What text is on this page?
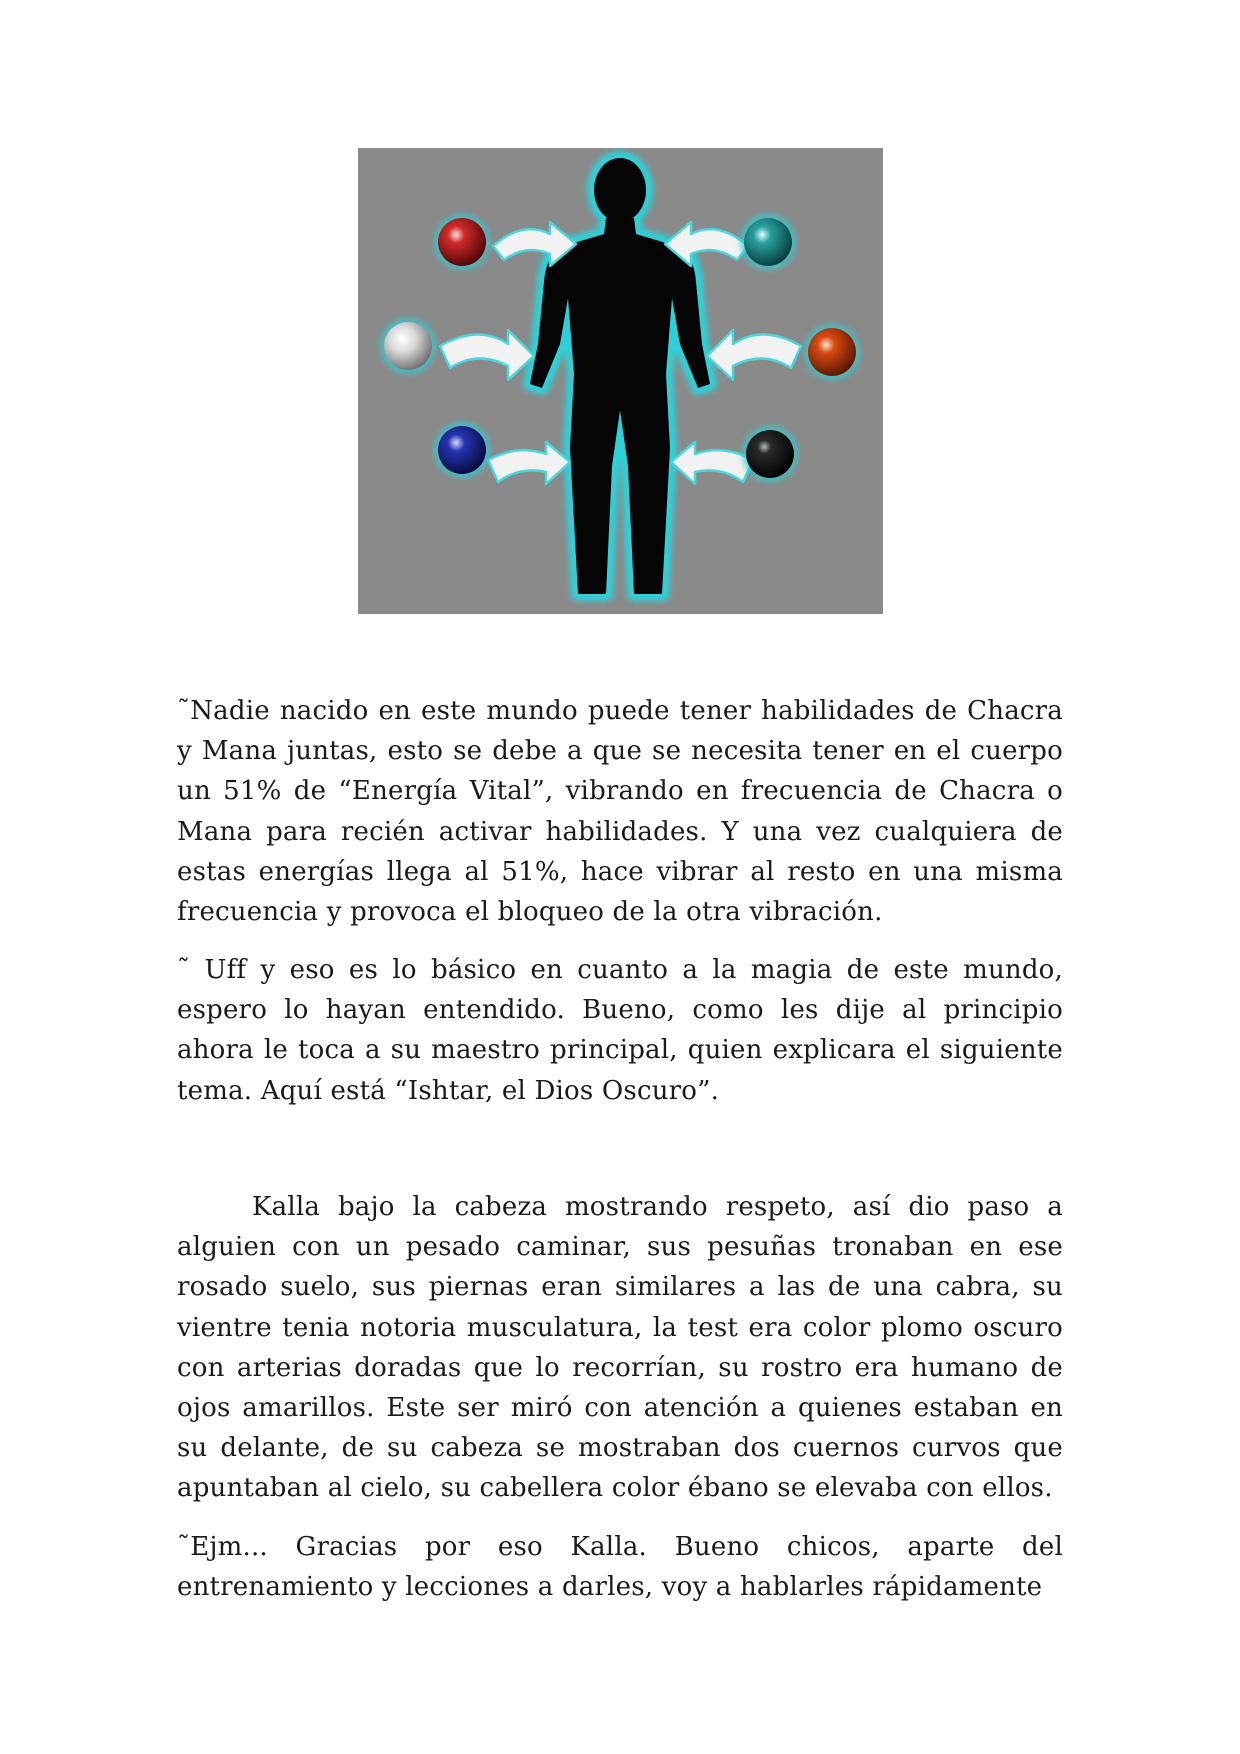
˜Nadie nacido en este mundo puede tener habilidades de Chacra y Mana juntas, esto se debe a que se necesita tener en el cuerpo un 51% de “Energía Vital”, vibrando en frecuencia de Chacra o Mana para recién activar habilidades. Y una vez cualquiera de estas energías llega al 51%, hace vibrar al resto en una misma frecuencia y provoca el bloqueo de la otra vibración.

˜ Uff y eso es lo básico en cuanto a la magia de este mundo, espero lo hayan entendido. Bueno, como les dije al principio ahora le toca a su maestro principal, quien explicara el siguiente tema. Aquí está “Ishtar, el Dios Oscuro”.

Kalla bajo la cabeza mostrando respeto, así dio paso a alguien con un pesado caminar, sus pesuñas tronaban en ese rosado suelo, sus piernas eran similares a las de una cabra, su vientre tenia notoria musculatura, la test era color plomo oscuro con arterias doradas que lo recorrían, su rostro era humano de ojos amarillos. Este ser miró con atención a quienes estaban en su delante, de su cabeza se mostraban dos cuernos curvos que apuntaban al cielo, su cabellera color ébano se elevaba con ellos.

˜Ejm... Gracias por eso Kalla. Bueno chicos, aparte del entrenamiento y lecciones a darles, voy a hablarles rápidamente
